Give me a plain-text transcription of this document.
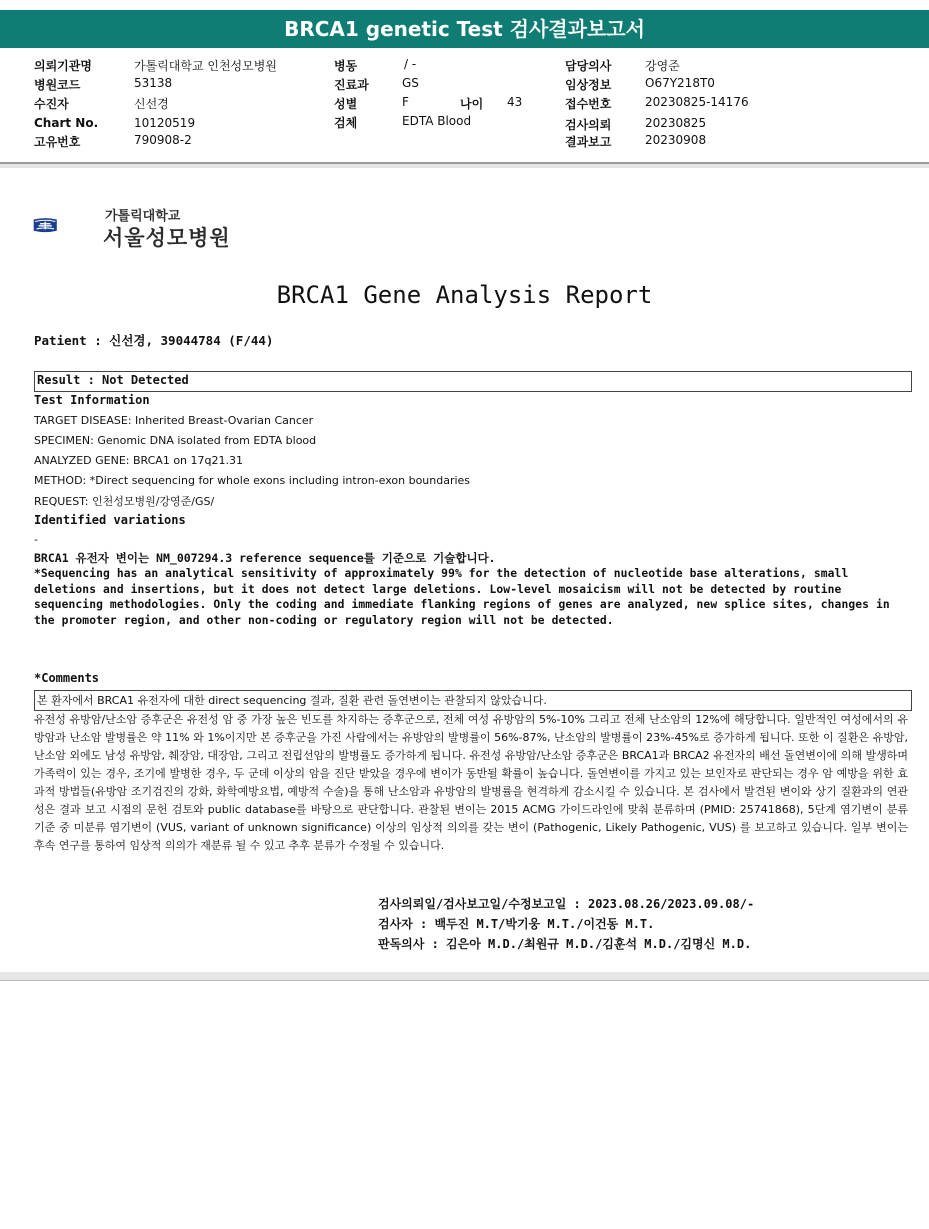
BRCA1 genetic Test 검사결과보고서
의뢰기관명	가톨릭대학교 인천성모병원
병원코드	53138
수진자	신선경
Chart No.	10120519
고유번호	790908-2
병동	/ -
진료과	GS
성별	F	나이 43
검체	EDTA Blood
담당의사	강영준
임상정보	O67Y218T0
접수번호	20230825-14176
검사의뢰	20230825
결과보고	20230908
가톨릭대학교
서울성모병원
BRCA1 Gene Analysis Report
Patient : 신선경, 39044784 (F/44)
Result : Not Detected
Test Information
TARGET DISEASE: Inherited Breast-Ovarian Cancer
SPECIMEN: Genomic DNA isolated from EDTA blood
ANALYZED GENE: BRCA1 on 17q21.31
METHOD: *Direct sequencing for whole exons including intron-exon boundaries
REQUEST: 인천성모병원/강영준/GS/
Identified variations
-
BRCA1 유전자 변이는 NM_007294.3 reference sequence를 기준으로 기술합니다.
*Sequencing has an analytical sensitivity of approximately 99% for the detection of nucleotide base alterations, small deletions and insertions, but it does not detect large deletions. Low-level mosaicism will not be detected by routine sequencing methodologies. Only the coding and immediate flanking regions of genes are analyzed, new splice sites, changes in the promoter region, and other non-coding or regulatory region will not be detected.
*Comments
본 환자에서 BRCA1 유전자에 대한 direct sequencing 결과, 질환 관련 돌연변이는 관찰되지 않았습니다.
유전성 유방암/난소암 증후군은 유전성 암 중 가장 높은 빈도를 차지하는 증후군으로, 전체 여성 유방암의 5%-10% 그리고 전체 난소암의 12%에 해당합니다. 일반적인 여성에서의 유방암과 난소암 발병률은 약 11% 와 1%이지만 본 증후군을 가진 사람에서는 유방암의 발병률이 56%-87%, 난소암의 발병률이 23%-45%로 증가하게 됩니다. 또한 이 질환은 유방암, 난소암 외에도 남성 유방암, 췌장암, 대장암, 그리고 전립선암의 발병률도 증가하게 됩니다. 유전성 유방암/난소암 증후군은 BRCA1과 BRCA2 유전자의 배선 돌연변이에 의해 발생하며 가족력이 있는 경우, 조기에 발병한 경우, 두 군데 이상의 암을 진단 받았을 경우에 변이가 동반될 확률이 높습니다. 돌연변이를 가지고 있는 보인자로 판단되는 경우 암 예방을 위한 효과적 방법들(유방암 조기검진의 강화, 화학예방요법, 예방적 수술)을 통해 난소암과 유방암의 발병률을 현격하게 감소시킬 수 있습니다. 본 검사에서 발견된 변이와 상기 질환과의 연관성은 결과 보고 시점의 문헌 검토와 public database를 바탕으로 판단합니다. 관찰된 변이는 2015 ACMG 가이드라인에 맞춰 분류하며 (PMID: 25741868), 5단계 염기변이 분류 기준 중 미분류 염기변이 (VUS, variant of unknown significance) 이상의 임상적 의의를 갖는 변이 (Pathogenic, Likely Pathogenic, VUS) 를 보고하고 있습니다. 일부 변이는 후속 연구를 통하여 임상적 의의가 재분류 될 수 있고 추후 분류가 수정될 수 있습니다.
검사의뢰일/검사보고일/수정보고일 : 2023.08.26/2023.09.08/-
검사자 : 백두진 M.T/박기웅 M.T./이건동 M.T.
판독의사 : 김은아 M.D./최원규 M.D./김훈석 M.D./김명신 M.D.
